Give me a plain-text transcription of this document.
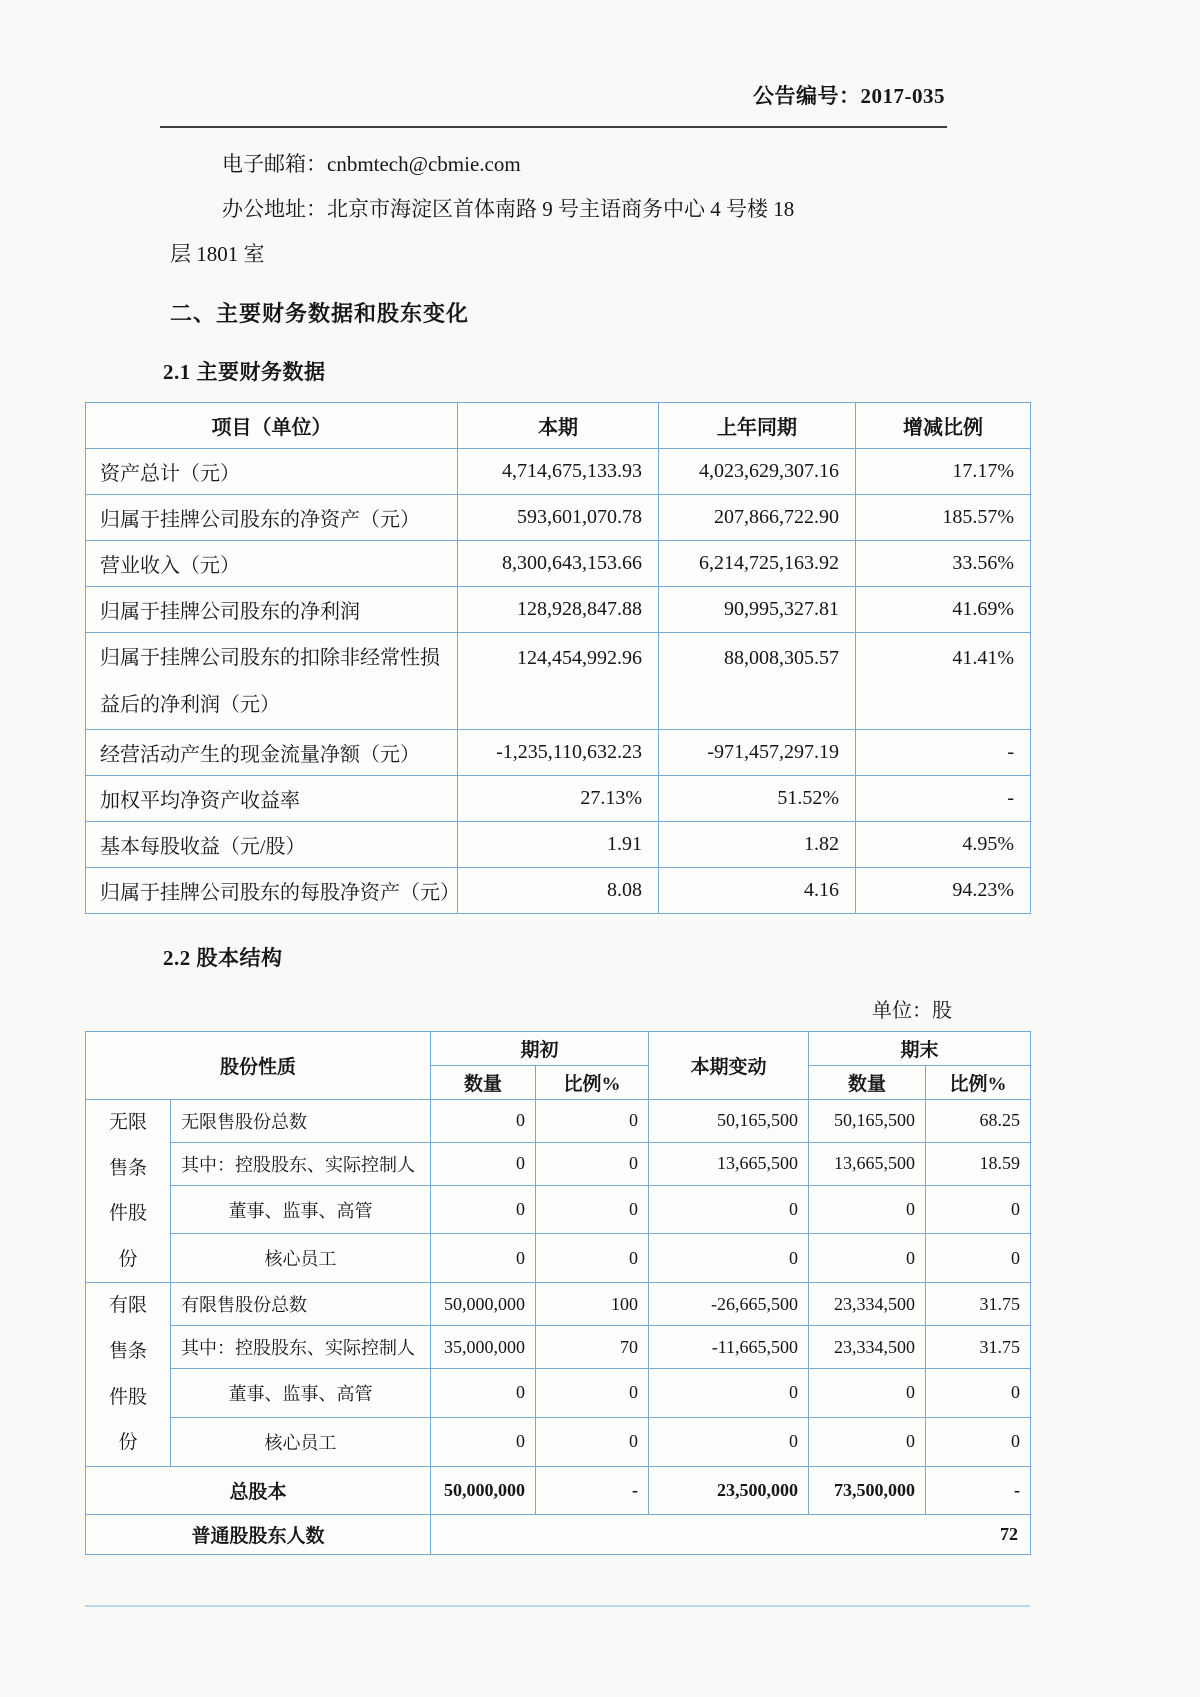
公告编号：2017-035

电子邮箱：cnbmtech@cbmie.com

办公地址：北京市海淀区首体南路 9 号主语商务中心 4 号楼 18

层 1801 室

二、主要财务数据和股东变化
2.1 主要财务数据
项目（单位）	本期	上年同期	增减比例
资产总计（元）	4,714,675,133.93	4,023,629,307.16	17.17%
归属于挂牌公司股东的净资产（元）	593,601,070.78	207,866,722.90	185.57%
营业收入（元）	8,300,643,153.66	6,214,725,163.92	33.56%
归属于挂牌公司股东的净利润	128,928,847.88	90,995,327.81	41.69%
归属于挂牌公司股东的扣除非经常性损益后的净利润（元）	124,454,992.96	88,008,305.57	41.41%
经营活动产生的现金流量净额（元）	-1,235,110,632.23	-971,457,297.19	-
加权平均净资产收益率	27.13%	51.52%	-
基本每股收益（元/股）	1.91	1.82	4.95%
归属于挂牌公司股东的每股净资产（元）	8.08	4.16	94.23%
2.2 股本结构
单位：股
股份性质		期初		本期变动	期末	
		数量	比例%		数量	比例%
无限售条件股份	无限售股份总数	0	0	50,165,500	50,165,500	68.25
	其中：控股股东、实际控制人	0	0	13,665,500	13,665,500	18.59
	董事、监事、高管	0	0	0	0	0
	核心员工	0	0	0	0	0
有限售条件股份	有限售股份总数	50,000,000	100	-26,665,500	23,334,500	31.75
	其中：控股股东、实际控制人	35,000,000	70	-11,665,500	23,334,500	31.75
	董事、监事、高管	0	0	0	0	0
	核心员工	0	0	0	0	0
总股本		50,000,000	-	23,500,000	73,500,000	-
普通股股东人数		72				
